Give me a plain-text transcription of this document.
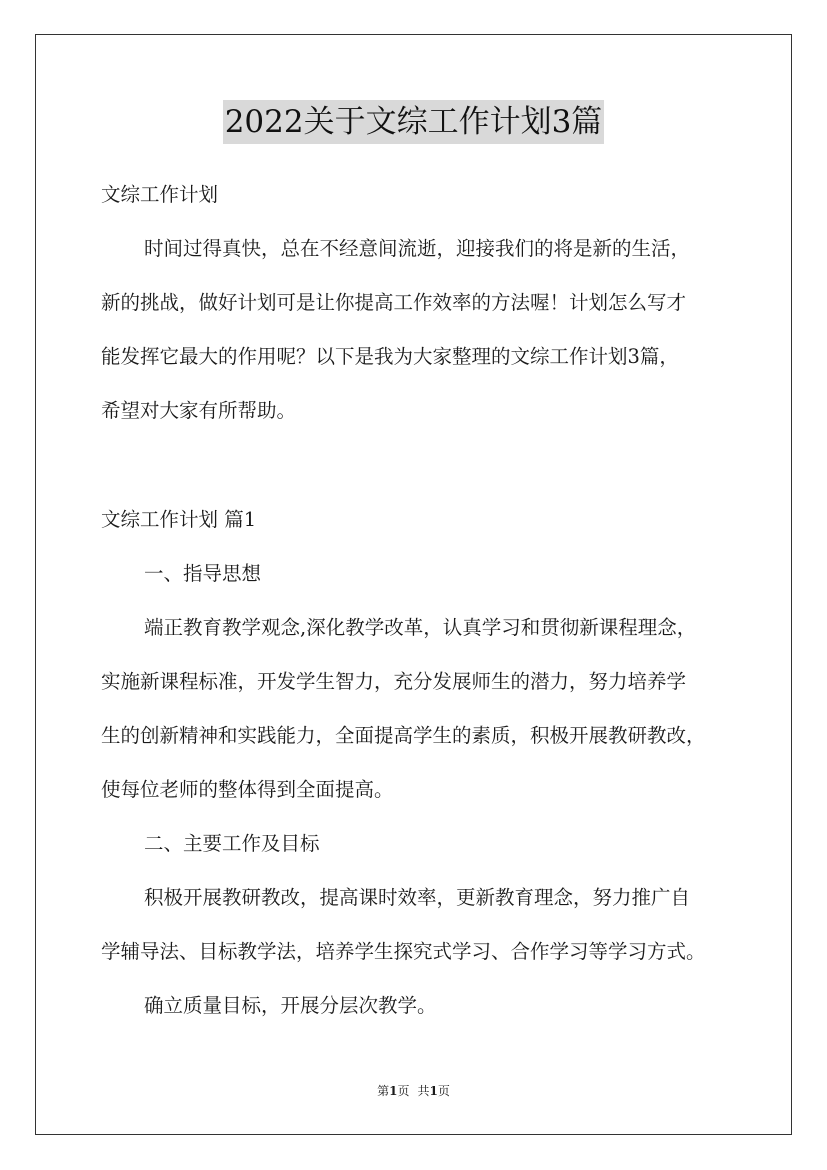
2022关于文综工作计划3篇
文综工作计划
时间过得真快，总在不经意间流逝，迎接我们的将是新的生活，
新的挑战，做好计划可是让你提高工作效率的方法喔！计划怎么写才
能发挥它最大的作用呢？以下是我为大家整理的文综工作计划3篇，
希望对大家有所帮助。
文综工作计划 篇1
一、指导思想
端正教育教学观念,深化教学改革，认真学习和贯彻新课程理念，
实施新课程标准，开发学生智力，充分发展师生的潜力，努力培养学
生的创新精神和实践能力，全面提高学生的素质，积极开展教研教改，
使每位老师的整体得到全面提高。
二、主要工作及目标
积极开展教研教改，提高课时效率，更新教育理念，努力推广自
学辅导法、目标教学法，培养学生探究式学习、合作学习等学习方式。
确立质量目标，开展分层次教学。
第1页 共1页
